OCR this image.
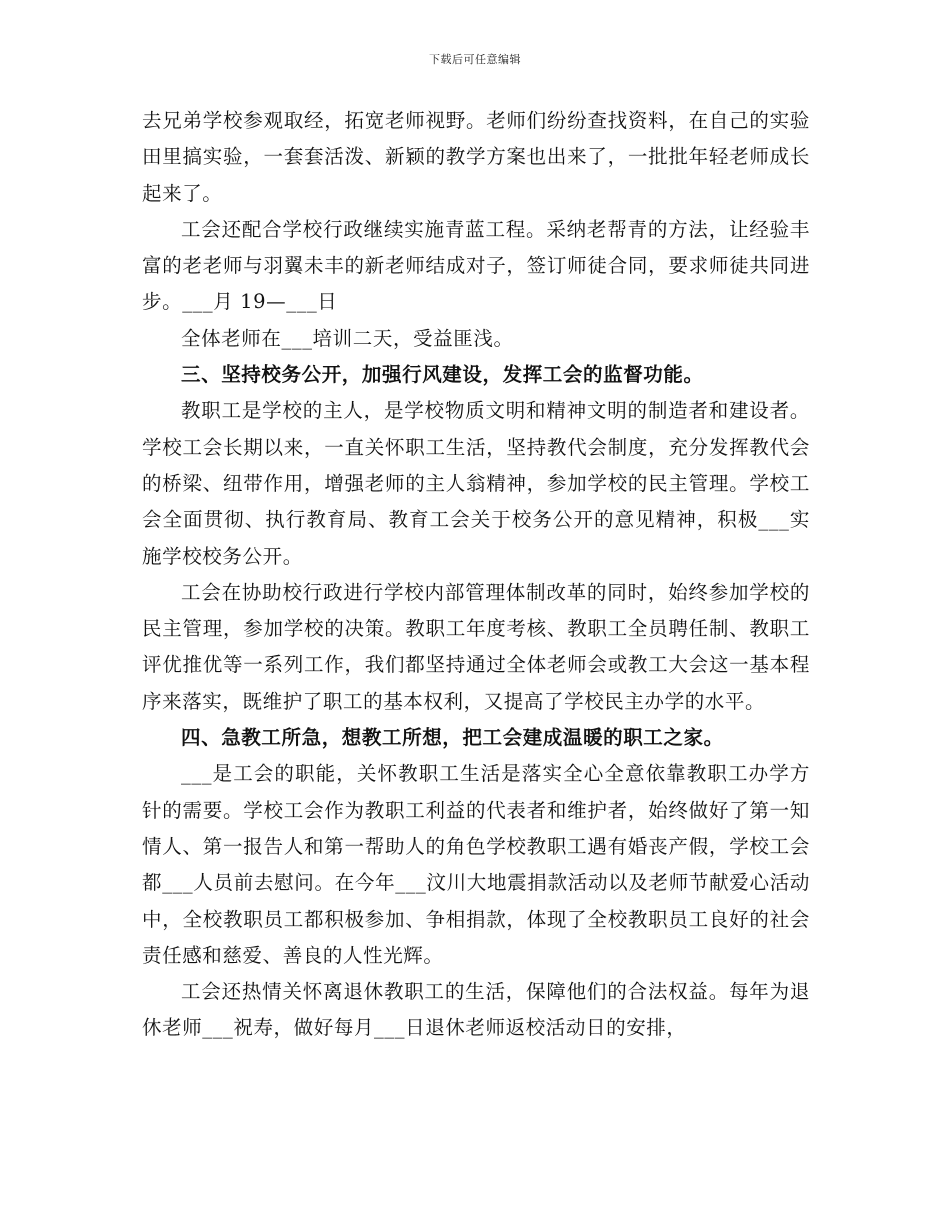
下载后可任意编辑

去兄弟学校参观取经，拓宽老师视野。老师们纷纷查找资料，在自己的实验田里搞实验，一套套活泼、新颖的教学方案也出来了，一批批年轻老师成长起来了。

工会还配合学校行政继续实施青蓝工程。采纳老帮青的方法，让经验丰富的老老师与羽翼未丰的新老师结成对子，签订师徒合同，要求师徒共同进步。___月 19—___日

全体老师在___培训二天，受益匪浅。

三、坚持校务公开，加强行风建设，发挥工会的监督功能。

教职工是学校的主人，是学校物质文明和精神文明的制造者和建设者。学校工会长期以来，一直关怀职工生活，坚持教代会制度，充分发挥教代会的桥梁、纽带作用，增强老师的主人翁精神，参加学校的民主管理。学校工会全面贯彻、执行教育局、教育工会关于校务公开的意见精神，积极___实施学校校务公开。

工会在协助校行政进行学校内部管理体制改革的同时，始终参加学校的民主管理，参加学校的决策。教职工年度考核、教职工全员聘任制、教职工评优推优等一系列工作，我们都坚持通过全体老师会或教工大会这一基本程序来落实，既维护了职工的基本权利，又提高了学校民主办学的水平。

四、急教工所急，想教工所想，把工会建成温暖的职工之家。

___是工会的职能，关怀教职工生活是落实全心全意依靠教职工办学方针的需要。学校工会作为教职工利益的代表者和维护者，始终做好了第一知情人、第一报告人和第一帮助人的角色学校教职工遇有婚丧产假，学校工会都___人员前去慰问。在今年___汶川大地震捐款活动以及老师节献爱心活动中，全校教职员工都积极参加、争相捐款，体现了全校教职员工良好的社会责任感和慈爱、善良的人性光辉。

工会还热情关怀离退休教职工的生活，保障他们的合法权益。每年为退休老师___祝寿，做好每月___日退休老师返校活动日的安排，
